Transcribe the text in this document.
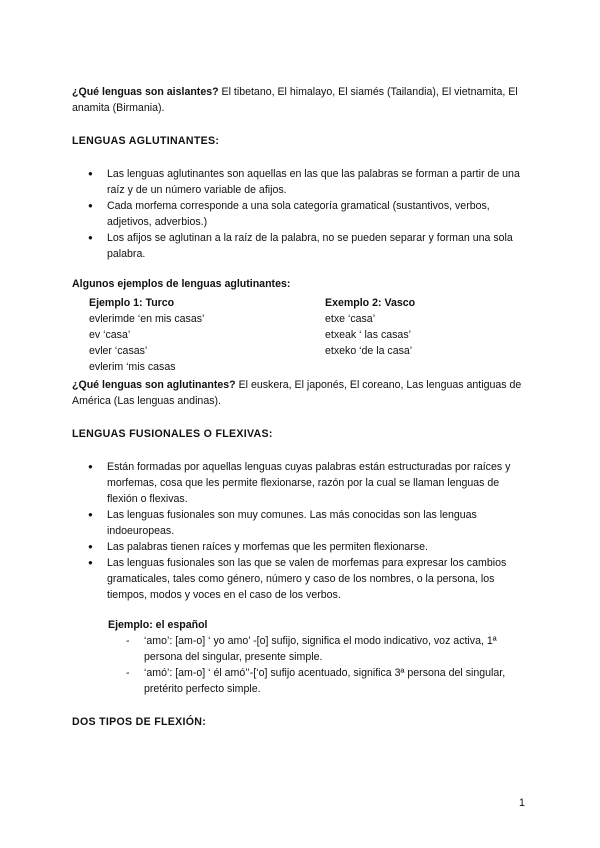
¿Qué lenguas son aislantes? El tibetano, El himalayo, El siamés (Tailandia), El vietnamita, El anamita (Birmania).

LENGUAS AGLUTINANTES:

● Las lenguas aglutinantes son aquellas en las que las palabras se forman a partir de una raíz y de un número variable de afijos.
● Cada morfema corresponde a una sola categoría gramatical (sustantivos, verbos, adjetivos, adverbios.)
● Los afijos se aglutinan a la raíz de la palabra, no se pueden separar y forman una sola palabra.

Algunos ejemplos de lenguas aglutinantes:

Ejemplo 1: Turco
evlerimde ‘en mis casas’
ev ‘casa’
evler ‘casas’
evlerim ‘mis casas
Exemplo 2: Vasco
etxe ‘casa’
etxeak ‘ las casas’
etxeko ‘de la casa’

¿Qué lenguas son aglutinantes? El euskera, El japonés, El coreano, Las lenguas antiguas de América (Las lenguas andinas).

LENGUAS FUSIONALES O FLEXIVAS:

● Están formadas por aquellas lenguas cuyas palabras están estructuradas por raíces y morfemas, cosa que les permite flexionarse, razón por la cual se llaman lenguas de flexión o flexivas.
● Las lenguas fusionales son muy comunes. Las más conocidas son las lenguas indoeuropeas.
● Las palabras tienen raíces y morfemas que les permiten flexionarse.
● Las lenguas fusionales son las que se valen de morfemas para expresar los cambios gramaticales, tales como género, número y caso de los nombres, o la persona, los tiempos, modos y voces en el caso de los verbos.

Ejemplo: el español

- ‘amo’: [am-o] ‘ yo amo’ -[o] sufijo, significa el modo indicativo, voz activa, 1ª persona del singular, presente simple.
- ‘amó’: [am-o] ‘ él amó’’-[‘o] sufijo acentuado, significa 3ª persona del singular, pretérito perfecto simple.

DOS TIPOS DE FLEXIÓN:

1
